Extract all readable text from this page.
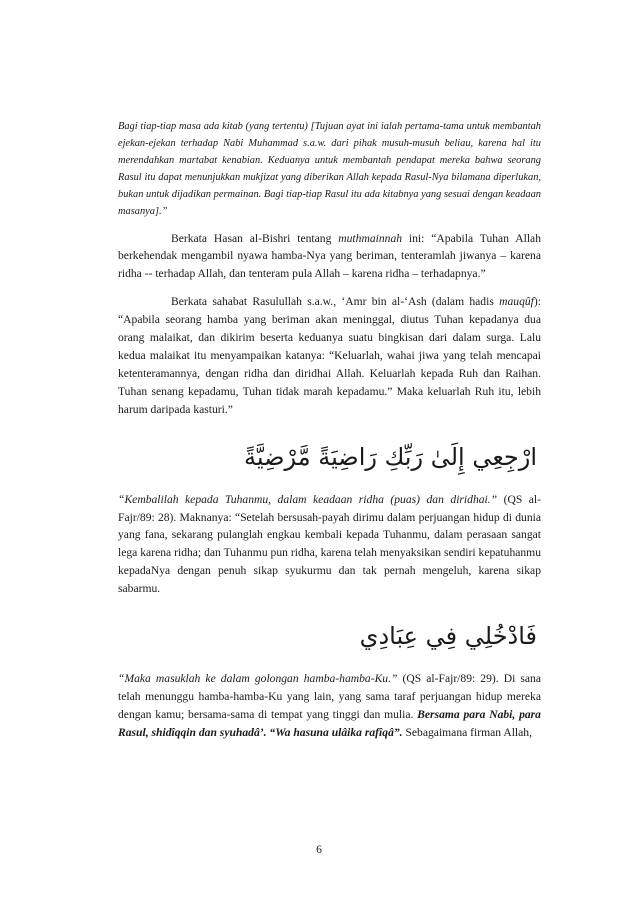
Bagi tiap-tiap masa ada kitab (yang tertentu) [Tujuan ayat ini ialah pertama-tama untuk membantah ejekan-ejekan terhadap Nabi Muhammad s.a.w. dari pihak musuh-musuh beliau, karena hal itu merendahkan martabat kenabian. Keduanya untuk membantah pendapat mereka bahwa seorang Rasul itu dapat menunjukkan mukjizat yang diberikan Allah kepada Rasul-Nya bilamana diperlukan, bukan untuk dijadikan permainan. Bagi tiap-tiap Rasul itu ada kitabnya yang sesuai dengan keadaan masanya].”

Berkata Hasan al-Bishri tentang muthmainnah ini: “Apabila Tuhan Allah berkehendak mengambil nyawa hamba-Nya yang beriman, tenteramlah jiwanya – karena ridha -- terhadap Allah, dan tenteram pula Allah – karena ridha – terhadapnya.”

Berkata sahabat Rasulullah s.a.w., ‘Amr bin al-‘Ash (dalam hadis mauqûf): “Apabila seorang hamba yang beriman akan meninggal, diutus Tuhan kepadanya dua orang malaikat, dan dikirim beserta keduanya suatu bingkisan dari dalam surga. Lalu kedua malaikat itu menyampaikan katanya: “Keluarlah, wahai jiwa yang telah mencapai ketenteramannya, dengan ridha dan diridhai Allah. Keluarlah kepada Ruh dan Raihan. Tuhan senang kepadamu, Tuhan tidak marah kepadamu.” Maka keluarlah Ruh itu, lebih harum daripada kasturi.”

ارْجِعِي إِلَىٰ رَبِّكِ رَاضِيَةً مَّرْضِيَّةً

“Kembalilah kepada Tuhanmu, dalam keadaan ridha (puas) dan diridhai.” (QS al-Fajr/89: 28). Maknanya: “Setelah bersusah-payah dirimu dalam perjuangan hidup di dunia yang fana, sekarang pulanglah engkau kembali kepada Tuhanmu, dalam perasaan sangat lega karena ridha; dan Tuhanmu pun ridha, karena telah menyaksikan sendiri kepatuhanmu kepadaNya dengan penuh sikap syukurmu dan tak pernah mengeluh, karena sikap sabarmu.

فَادْخُلِي فِي عِبَادِي

“Maka masuklah ke dalam golongan hamba-hamba-Ku.” (QS al-Fajr/89: 29). Di sana telah menunggu hamba-hamba-Ku yang lain, yang sama taraf perjuangan hidup mereka dengan kamu; bersama-sama di tempat yang tinggi dan mulia. Bersama para Nabi, para Rasul, shidîqqin dan syuhadâ’. “Wa hasuna ulâika rafîqâ”. Sebagaimana firman Allah,

6
